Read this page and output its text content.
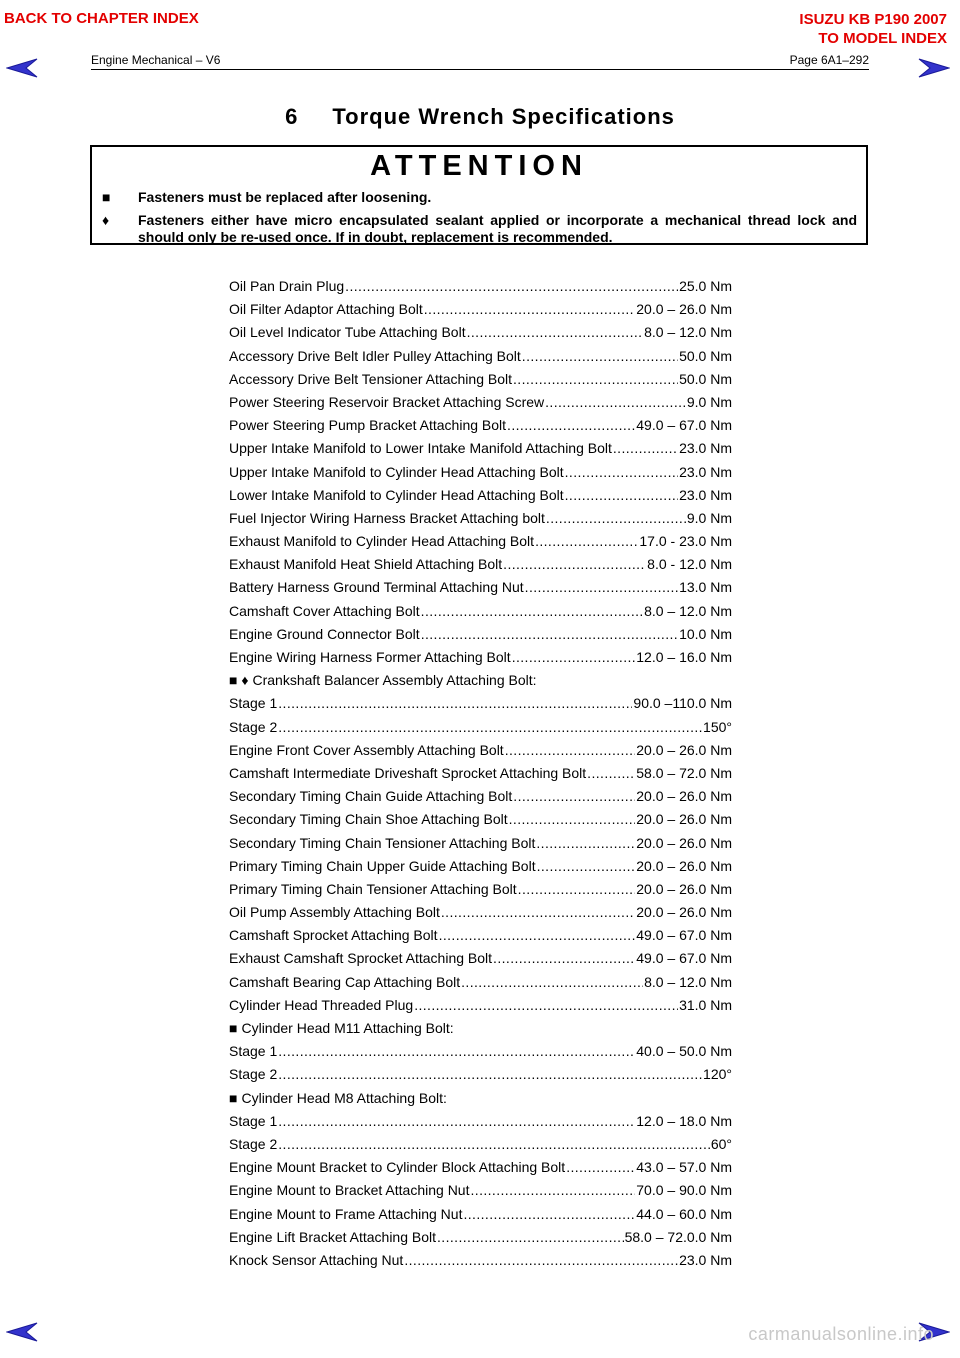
BACK TO CHAPTER INDEX	ISUZU KB P190 2007
TO MODEL INDEX
Engine Mechanical – V6	Page 6A1–292
6 Torque Wrench Specifications
ATTENTION
■	Fasteners must be replaced after loosening.
♦	Fasteners either have micro encapsulated sealant applied or incorporate a mechanical thread lock and should only be re-used once. If in doubt, replacement is recommended.
Oil Pan Drain Plug .....	25.0 Nm
Oil Filter Adaptor Attaching Bolt .....	20.0 – 26.0 Nm
Oil Level Indicator Tube Attaching Bolt .....	8.0 – 12.0 Nm
Accessory Drive Belt Idler Pulley Attaching Bolt .....	50.0 Nm
Accessory Drive Belt Tensioner Attaching Bolt .....	50.0 Nm
Power Steering Reservoir Bracket Attaching Screw .....	9.0 Nm
Power Steering Pump Bracket Attaching Bolt .....	49.0 – 67.0 Nm
Upper Intake Manifold to Lower Intake Manifold Attaching Bolt .....	23.0 Nm
Upper Intake Manifold to Cylinder Head Attaching Bolt .....	23.0 Nm
Lower Intake Manifold to Cylinder Head Attaching Bolt .....	23.0 Nm
Fuel Injector Wiring Harness Bracket Attaching bolt .....	9.0 Nm
Exhaust Manifold to Cylinder Head Attaching Bolt .....	17.0 - 23.0 Nm
Exhaust Manifold Heat Shield Attaching Bolt .....	8.0 - 12.0 Nm
Battery Harness Ground Terminal Attaching Nut .....	13.0 Nm
Camshaft Cover Attaching Bolt .....	8.0 – 12.0 Nm
Engine Ground Connector Bolt .....	10.0 Nm
Engine Wiring Harness Former Attaching Bolt .....	12.0 – 16.0 Nm
■ ♦ Crankshaft Balancer Assembly Attaching Bolt:
Stage 1 .....	90.0 –110.0 Nm
Stage 2 .....	150°
Engine Front Cover Assembly Attaching Bolt .....	20.0 – 26.0 Nm
Camshaft Intermediate Driveshaft Sprocket Attaching Bolt .....	58.0 – 72.0 Nm
Secondary Timing Chain Guide Attaching Bolt .....	20.0 – 26.0 Nm
Secondary Timing Chain Shoe Attaching Bolt .....	20.0 – 26.0 Nm
Secondary Timing Chain Tensioner Attaching Bolt .....	20.0 – 26.0 Nm
Primary Timing Chain Upper Guide Attaching Bolt .....	20.0 – 26.0 Nm
Primary Timing Chain Tensioner Attaching Bolt .....	20.0 – 26.0 Nm
Oil Pump Assembly Attaching Bolt .....	20.0 – 26.0 Nm
Camshaft Sprocket Attaching Bolt .....	49.0 – 67.0 Nm
Exhaust Camshaft Sprocket Attaching Bolt .....	49.0 – 67.0 Nm
Camshaft Bearing Cap Attaching Bolt .....	8.0 – 12.0 Nm
Cylinder Head Threaded Plug .....	31.0 Nm
■ Cylinder Head M11 Attaching Bolt:
Stage 1 .....	40.0 – 50.0 Nm
Stage 2 .....	120°
■ Cylinder Head M8 Attaching Bolt:
Stage 1 .....	12.0 – 18.0 Nm
Stage 2 .....	60°
Engine Mount Bracket to Cylinder Block Attaching Bolt .....	43.0 – 57.0 Nm
Engine Mount to Bracket Attaching Nut .....	70.0 – 90.0 Nm
Engine Mount to Frame Attaching Nut .....	44.0 – 60.0 Nm
Engine Lift Bracket Attaching Bolt .....	58.0 – 72.0.0 Nm
Knock Sensor Attaching Nut .....	23.0 Nm
carmanualsonline.info
